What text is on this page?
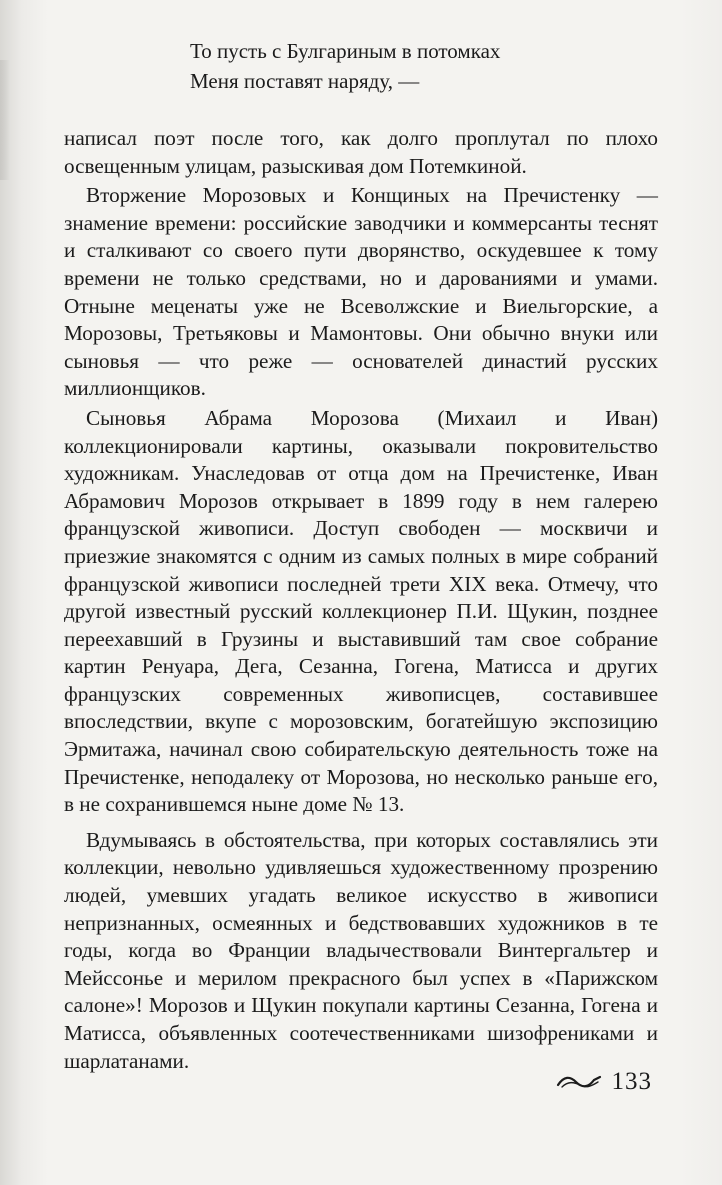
То пусть с Булгариным в потомках
Меня поставят наряду, —

написал поэт после того, как долго проплутал по плохо освещенным улицам, разыскивая дом Потемкиной.

Вторжение Морозовых и Конщиных на Пречистенку — знамение времени: российские заводчики и коммерсанты теснят и сталкивают со своего пути дворянство, оскудевшее к тому времени не только средствами, но и дарованиями и умами. Отныне меценаты уже не Всеволжские и Виельгорские, а Морозовы, Третьяковы и Мамонтовы. Они обычно внуки или сыновья — что реже — основателей династий русских миллионщиков.

Сыновья Абрама Морозова (Михаил и Иван) коллекционировали картины, оказывали покровительство художникам. Унаследовав от отца дом на Пречистенке, Иван Абрамович Морозов открывает в 1899 году в нем галерею французской живописи. Доступ свободен — москвичи и приезжие знакомятся с одним из самых полных в мире собраний французской живописи последней трети XIX века. Отмечу, что другой известный русский коллекционер П.И. Щукин, позднее переехавший в Грузины и выставивший там свое собрание картин Ренуара, Дега, Сезанна, Гогена, Матисса и других французских современных живописцев, составившее впоследствии, вкупе с морозовским, богатейшую экспозицию Эрмитажа, начинал свою собирательскую деятельность тоже на Пречистенке, неподалеку от Морозова, но несколько раньше его, в не сохранившемся ныне доме № 13.

Вдумываясь в обстоятельства, при которых составлялись эти коллекции, невольно удивляешься художественному прозрению людей, умевших угадать великое искусство в живописи непризнанных, осмеянных и бедствовавших художников в те годы, когда во Франции владычествовали Винтергальтер и Мейссонье и мерилом прекрасного был успех в «Парижском салоне»! Морозов и Щукин покупали картины Сезанна, Гогена и Матисса, объявленных соотечественниками шизофрениками и шарлатанами.

133
